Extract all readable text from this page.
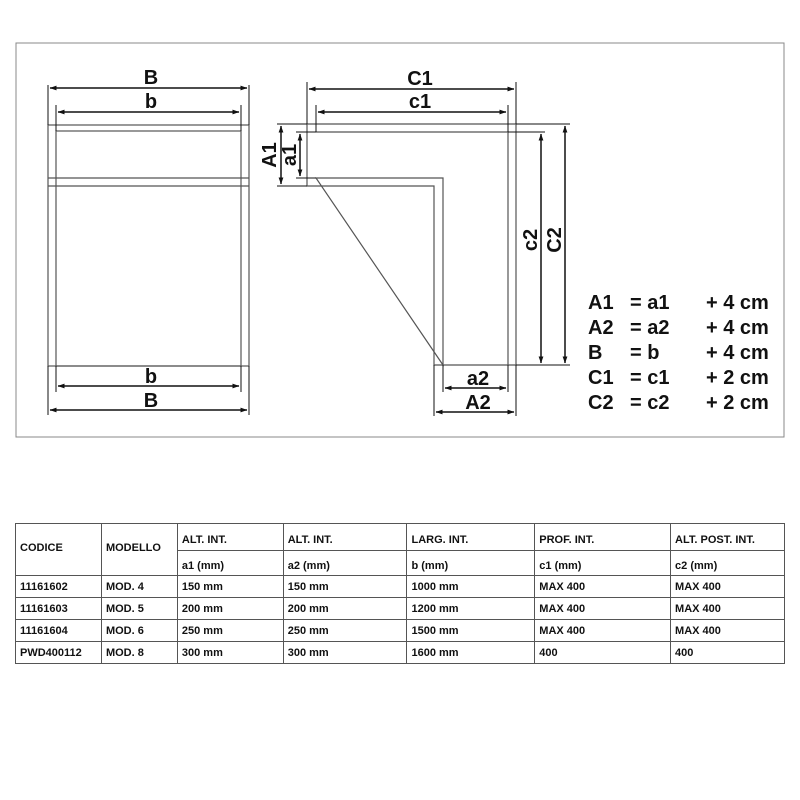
B
b
b
B
C1
c1
A1
a1
c2 C2
a2
A2
A1 = a1 + 4 cm
A2 = a2 + 4 cm
B = b + 4 cm
C1 = c1 + 2 cm
C2 = c2 + 2 cm
CODICE	MODELLO	ALT. INT.	ALT. INT.	LARG. INT.	PROF. INT.	ALT. POST. INT.
		a1 (mm)	a2 (mm)	b (mm)	c1 (mm)	c2 (mm)
11161602	MOD. 4	150 mm	150 mm	1000 mm	MAX 400	MAX 400
11161603	MOD. 5	200 mm	200 mm	1200 mm	MAX 400	MAX 400
11161604	MOD. 6	250 mm	250 mm	1500 mm	MAX 400	MAX 400
PWD400112	MOD. 8	300 mm	300 mm	1600 mm	400	400
